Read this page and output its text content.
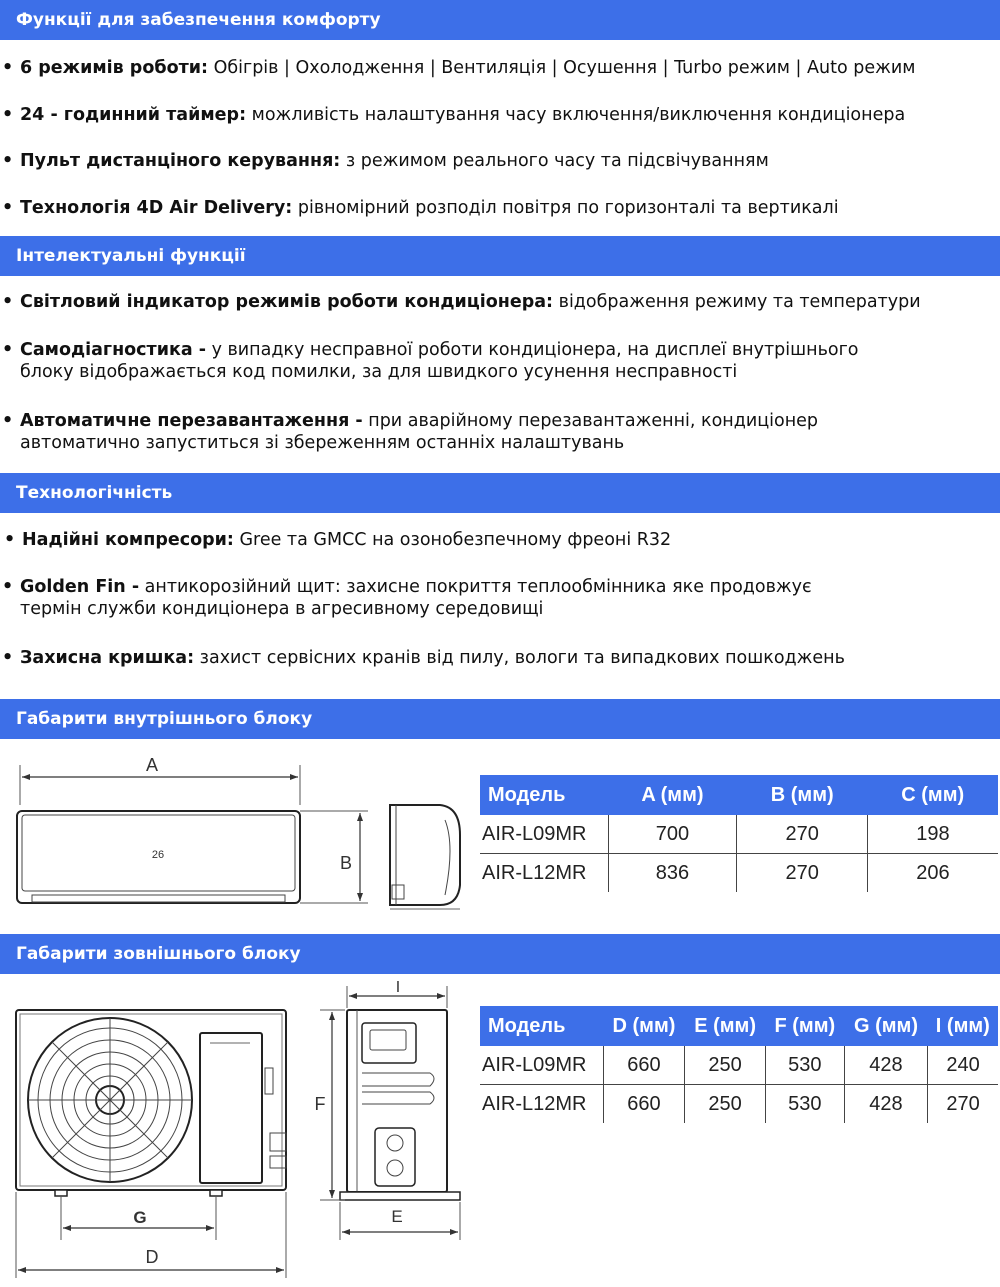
Функції для забезпечення комфорту
• 6 режимів роботи: Обігрів | Охолодження | Вентиляція | Осушення | Turbo режим | Auto режим
• 24 - годинний таймер: можливість налаштування часу включення/виключення кондиціонера
• Пульт дистанціного керування: з режимом реального часу та підсвічуванням
• Технологія 4D Air Delivery: рівномірний розподіл повітря по горизонталі та вертикалі
Інтелектуальні функції
• Світловий індикатор режимів роботи кондиціонера: відображення режиму та температури
• Самодіагностика - у випадку несправної роботи кондиціонера, на дисплеї внутрішнього
блоку відображається код помилки, за для швидкого усунення несправності
• Автоматичне перезавантаження - при аварійному перезавантаженні, кондиціонер
автоматично запуститься зі збереженням останніх налаштувань
Технологічність
• Надійні компресори: Gree та GMCC на озонобезпечному фреоні R32
• Golden Fin - антикорозійний щит: захисне покриття теплообмінника яке продовжує
термін служби кондиціонера в агресивному середовищі
• Захисна кришка: захист сервісних кранів від пилу, вологи та випадкових пошкоджень
Габарити внутрішнього блоку
A
26	B
Модель	A (мм)	B (мм)	C (мм)
AIR-L09MR	700	270	198
AIR-L12MR	836	270	206
Габарити зовнішнього блоку
G
D
I
F
E
Модель	D (мм)	E (мм)	F (мм)	G (мм)	I (мм)
AIR-L09MR	660	250	530	428	240
AIR-L12MR	660	250	530	428	270
